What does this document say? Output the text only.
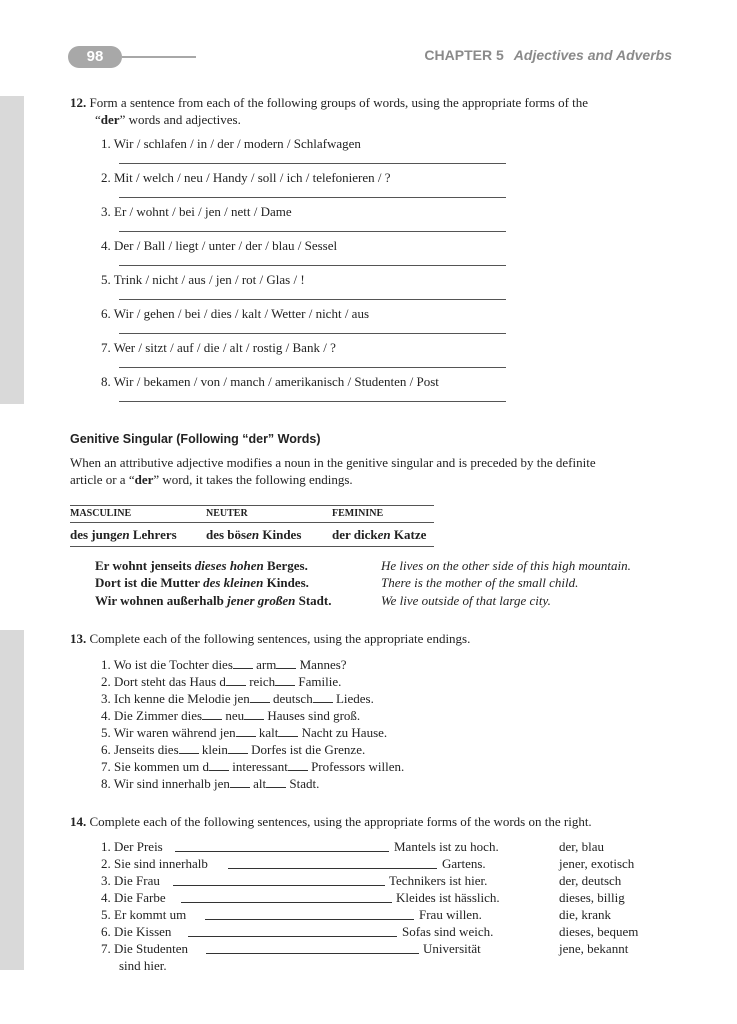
98	CHAPTER 5 Adjectives and Adverbs
12. Form a sentence from each of the following groups of words, using the appropriate forms of the
“der” words and adjectives.
1. Wir / schlafen / in / der / modern / Schlafwagen
2. Mit / welch / neu / Handy / soll / ich / telefonieren / ?
3. Er / wohnt / bei / jen / nett / Dame
4. Der / Ball / liegt / unter / der / blau / Sessel
5. Trink / nicht / aus / jen / rot / Glas / !
6. Wir / gehen / bei / dies / kalt / Wetter / nicht / aus
7. Wer / sitzt / auf / die / alt / rostig / Bank / ?
8. Wir / bekamen / von / manch / amerikanisch / Studenten / Post
Genitive Singular (Following “der” Words)
When an attributive adjective modifies a noun in the genitive singular and is preceded by the definite
article or a “der” word, it takes the following endings.
MASCULINE	NEUTER	FEMININE
des jungen Lehrers	des bösen Kindes	der dicken Katze
Er wohnt jenseits dieses hohen Berges.	He lives on the other side of this high mountain.
Dort ist die Mutter des kleinen Kindes.	There is the mother of the small child.
Wir wohnen außerhalb jener großen Stadt.	We live outside of that large city.
13. Complete each of the following sentences, using the appropriate endings.
1. Wo ist die Tochter dies arm Mannes?
2. Dort steht das Haus d reich Familie.
3. Ich kenne die Melodie jen deutsch Liedes.
4. Die Zimmer dies neu Hauses sind groß.
5. Wir waren während jen kalt Nacht zu Hause.
6. Jenseits dies klein Dorfes ist die Grenze.
7. Sie kommen um d interessant Professors willen.
8. Wir sind innerhalb jen alt Stadt.
14. Complete each of the following sentences, using the appropriate forms of the words on the right.
1. Der Preis	Mantels ist zu hoch.	der, blau
2. Sie sind innerhalb	Gartens.	jener, exotisch
3. Die Frau	Technikers ist hier.	der, deutsch
4. Die Farbe	Kleides ist hässlich.	dieses, billig
5. Er kommt um	Frau willen.	die, krank
6. Die Kissen	Sofas sind weich.	dieses, bequem
7. Die Studenten	Universität	jene, bekannt
sind hier.
